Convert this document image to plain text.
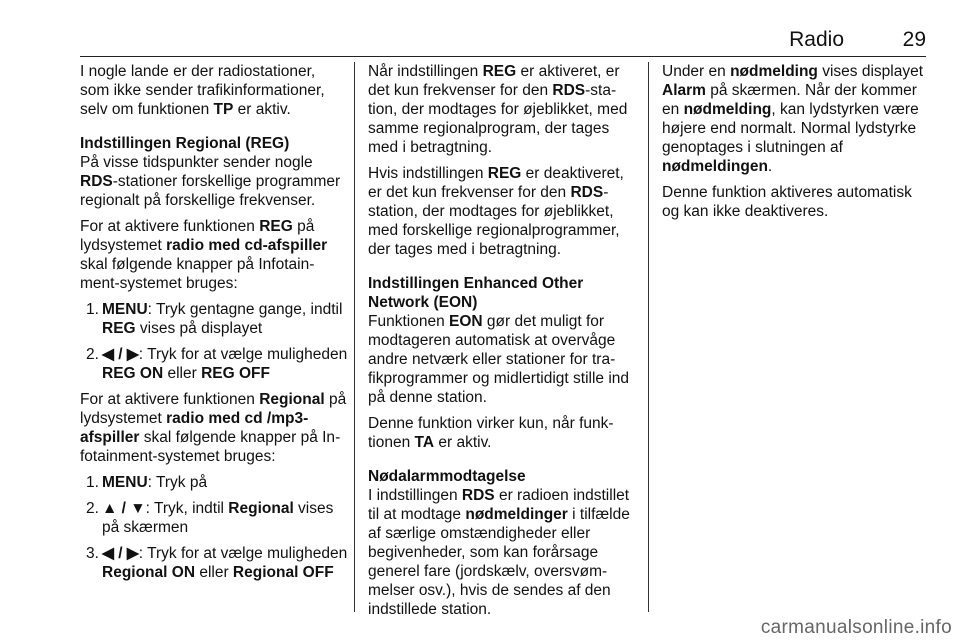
Radio	29

I nogle lande er der radiostationer, som ikke sender trafikinformationer, selv om funktionen TP er aktiv.

Indstillingen Regional (REG)

På visse tidspunkter sender nogle RDS-stationer forskellige programmer regionalt på forskellige frekvenser.

For at aktivere funktionen REG på lydsystemet radio med cd-afspiller skal følgende knapper på Infotainment-systemet bruges:

1. MENU: Tryk gentagne gange, indtil REG vises på displayet
2. ◀ / ▶: Tryk for at vælge muligheden REG ON eller REG OFF

For at aktivere funktionen Regional på lydsystemet radio med cd /mp3-afspiller skal følgende knapper på Infotainment-systemet bruges:

1. MENU: Tryk på
2. ▲ / ▼: Tryk, indtil Regional vises på skærmen
3. ◀ / ▶: Tryk for at vælge muligheden Regional ON eller Regional OFF

Når indstillingen REG er aktiveret, er det kun frekvenser for den RDS-station, der modtages for øjeblikket, med samme regionalprogram, der tages med i betragtning.

Hvis indstillingen REG er deaktiveret, er det kun frekvenser for den RDS-station, der modtages for øjeblikket, med forskellige regionalprogrammer, der tages med i betragtning.

Indstillingen Enhanced Other Network (EON)

Funktionen EON gør det muligt for modtageren automatisk at overvåge andre netværk eller stationer for trafikprogrammer og midlertidigt stille ind på denne station.

Denne funktion virker kun, når funktionen TA er aktiv.

Nødalarmmodtagelse

I indstillingen RDS er radioen indstillet til at modtage nødmeldinger i tilfælde af særlige omstændigheder eller begivenheder, som kan forårsage generel fare (jordskælv, oversvømmelser osv.), hvis de sendes af den indstillede station.

Under en nødmelding vises displayet Alarm på skærmen. Når der kommer en nødmelding, kan lydstyrken være højere end normalt. Normal lydstyrke genoptages i slutningen af nødmeldingen.

Denne funktion aktiveres automatisk og kan ikke deaktiveres.

carmanualsonline.info
